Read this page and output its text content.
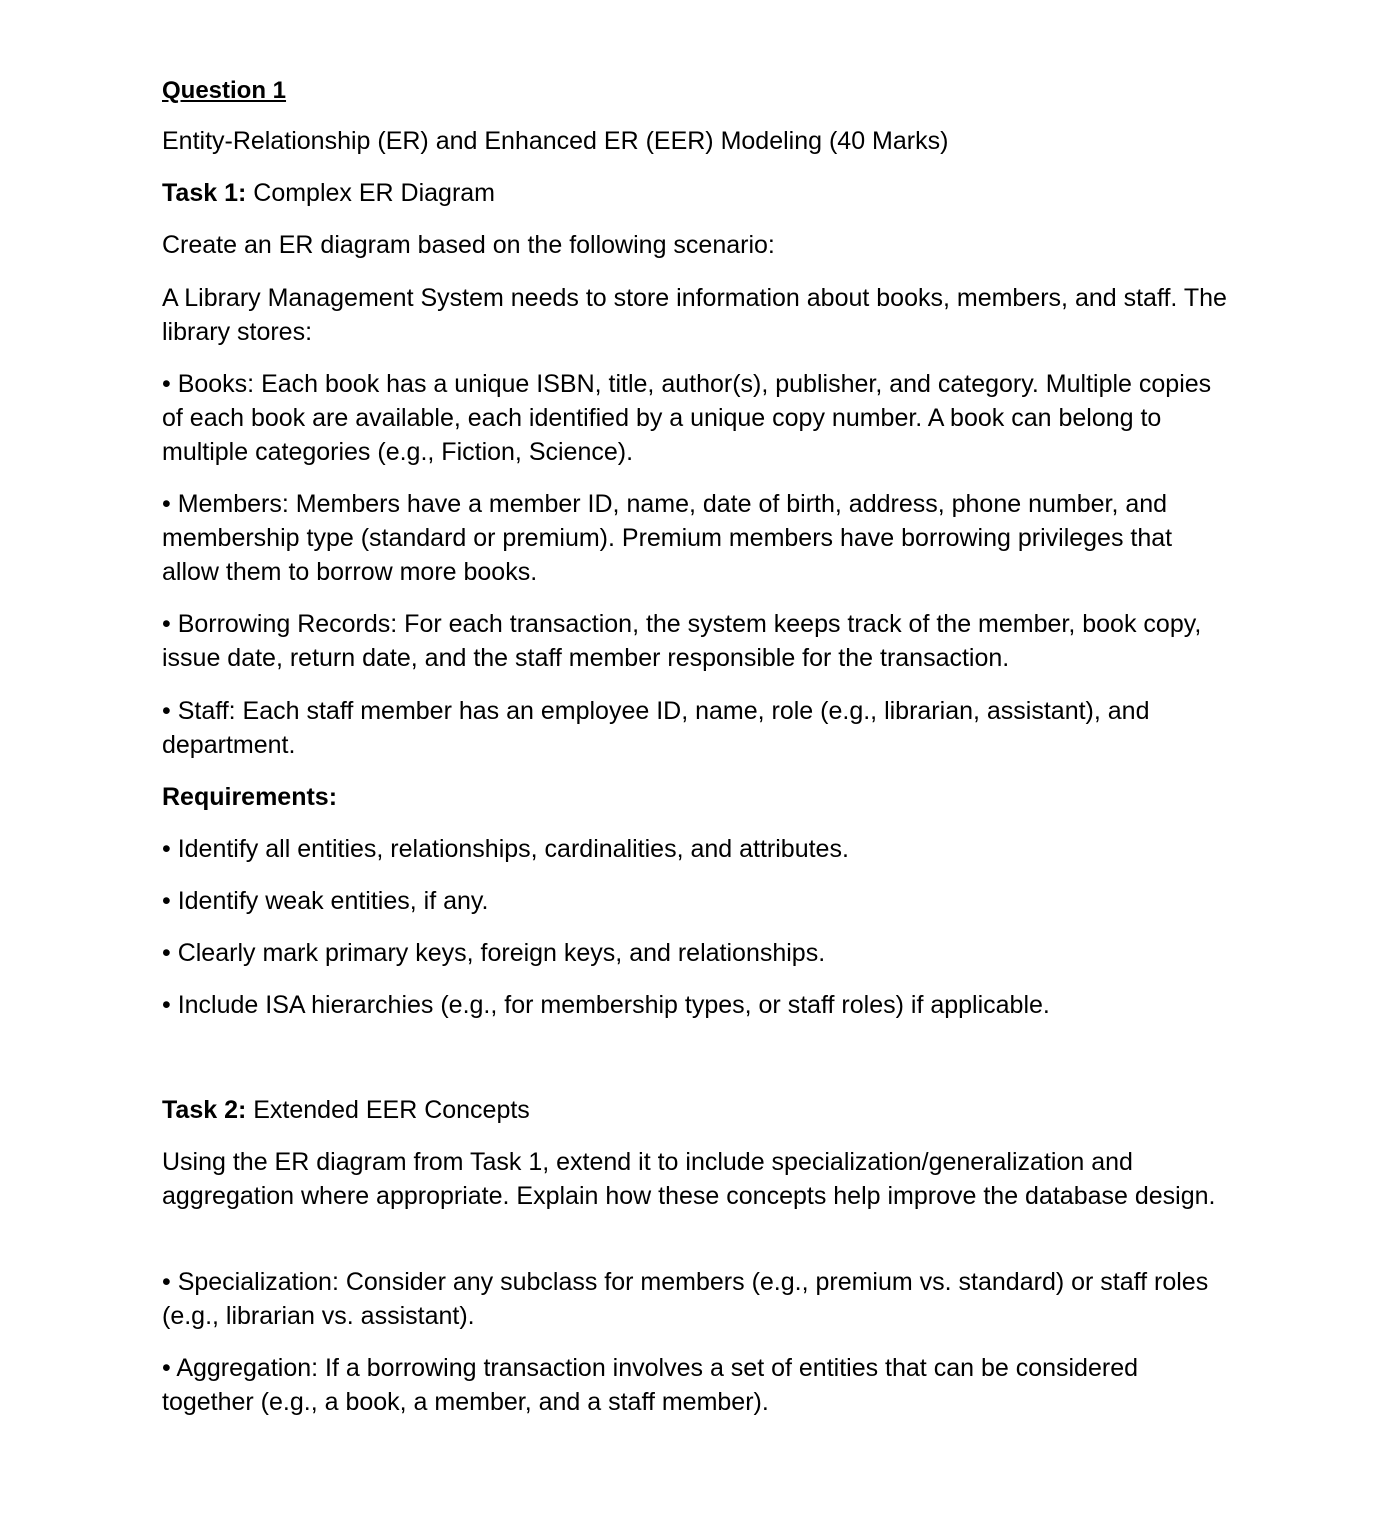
Question 1
Entity-Relationship (ER) and Enhanced ER (EER) Modeling (40 Marks)
Task 1: Complex ER Diagram
Create an ER diagram based on the following scenario:
A Library Management System needs to store information about books, members, and staff. The library stores:
• Books: Each book has a unique ISBN, title, author(s), publisher, and category. Multiple copies of each book are available, each identified by a unique copy number. A book can belong to multiple categories (e.g., Fiction, Science).
• Members: Members have a member ID, name, date of birth, address, phone number, and membership type (standard or premium). Premium members have borrowing privileges that allow them to borrow more books.
• Borrowing Records: For each transaction, the system keeps track of the member, book copy, issue date, return date, and the staff member responsible for the transaction.
• Staff: Each staff member has an employee ID, name, role (e.g., librarian, assistant), and department.
Requirements:
• Identify all entities, relationships, cardinalities, and attributes.
• Identify weak entities, if any.
• Clearly mark primary keys, foreign keys, and relationships.
• Include ISA hierarchies (e.g., for membership types, or staff roles) if applicable.
Task 2: Extended EER Concepts
Using the ER diagram from Task 1, extend it to include specialization/generalization and aggregation where appropriate. Explain how these concepts help improve the database design.
• Specialization: Consider any subclass for members (e.g., premium vs. standard) or staff roles (e.g., librarian vs. assistant).
• Aggregation: If a borrowing transaction involves a set of entities that can be considered together (e.g., a book, a member, and a staff member).
